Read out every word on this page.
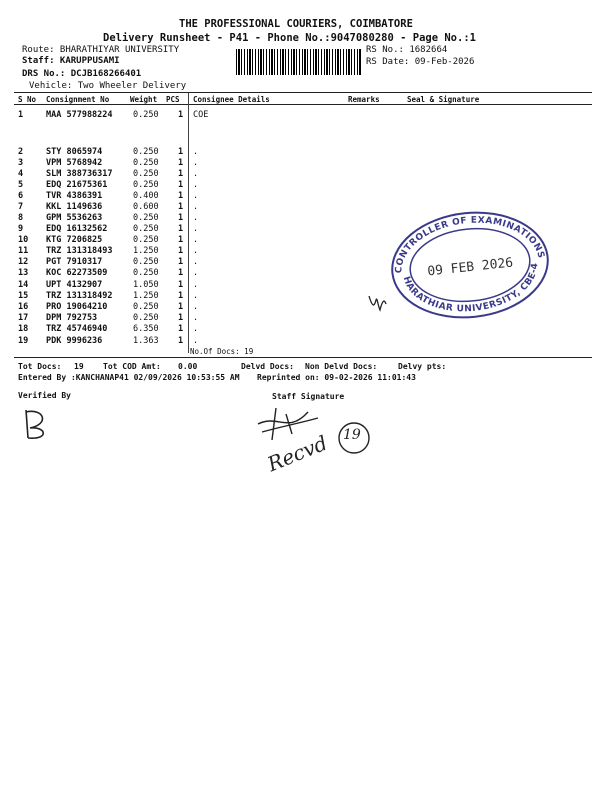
THE PROFESSIONAL COURIERS, COIMBATORE
Delivery Runsheet - P41 - Phone No.:9047080280 - Page No.:1
Route: BHARATHIYAR UNIVERSITY
Staff: KARUPPUSAMI
DRS No.: DCJB168266401
Vehicle: Two Wheeler Delivery
RS No.: 1682664
RS Date: 09-Feb-2026
S No Consignment No	Weight PCS Consignee Details	Remarks	Seal & Signature
1	MAA 577988224 0.250 1 COE
2	STY 8065974	0.250 1 .
3	VPM 5768942	0.250 1 .
4	SLM 388736317 0.250 1 .
5	EDQ 21675361	0.250 1 .
6	TVR 4386391	0.400 1 .
7	KKL 1149636	0.600 1 .
8	GPM 5536263	0.250 1 .
9	EDQ 16132562	0.250 1 .
10 KTG 7206825	0.250 1 .
11 TRZ 131318493 1.250 1 .
12 PGT 7910317	0.250 1 .
13 KOC 62273509	0.250 1 .
14 UPT 4132907	1.050 1 .
15 TRZ 131318492 1.250 1 .
16 PRO 19064210	0.250 1 .
17 DPM 792753	0.250 1 .
18 TRZ 45746940	6.350 1 .
19 PDK 9996236	1.363 1 .
No.Of Docs: 19
Tot Docs: 19 Tot COD Amt: 0.00	Delvd Docs: Non Delvd Docs:	Delvy pts:
Entered By :KANCHANAP41 02/09/2026 10:53:55 AM Reprinted on: 09-02-2026 11:01:43
Verified By	Staff Signature
CONTROLLER OF EXAMINATIONS
BHARATHIAR UNIVERSITY, CBE-46
09 FEB 2026
Recvd 19
